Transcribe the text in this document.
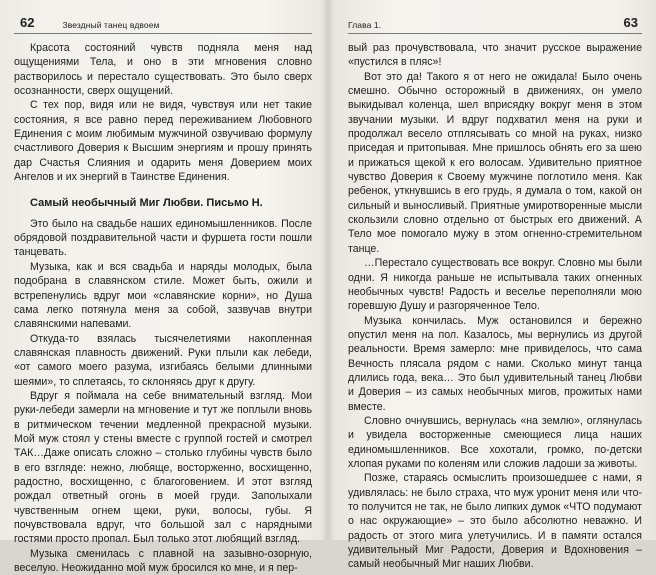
62	Звездный танец вдвоем

Красота состояний чувств подняла меня над ощущениями Тела, и оно в эти мгновения словно растворилось и перестало существовать. Это было сверх осознанности, сверх ощущений.

С тех пор, видя или не видя, чувствуя или нет такие состояния, я все равно перед переживанием Любовного Единения с моим любимым мужчиной озвучиваю формулу счастливого Доверия к Высшим энергиям и прошу принять дар Счастья Слияния и одарить меня Доверием моих Ангелов и их энергий в Таинстве Единения.

Самый необычный Миг Любви. Письмо Н.

Это было на свадьбе наших единомышленников. После обрядовой поздравительной части и фуршета гости пошли танцевать.

Музыка, как и вся свадьба и наряды молодых, была подобрана в славянском стиле. Может быть, ожили и встрепенулись вдруг мои «славянские корни», но Душа сама легко потянула меня за собой, зазвучав внутри славянскими напевами.

Откуда-то взялась тысячелетиями накопленная славянская плавность движений. Руки плыли как лебеди, «от самого моего разума, изгибаясь белыми длинными шеями», то сплетаясь, то склоняясь друг к другу.

Вдруг я поймала на себе внимательный взгляд. Мои руки-лебеди замерли на мгновение и тут же поплыли вновь в ритмическом течении медленной прекрасной музыки. Мой муж стоял у стены вместе с группой гостей и смотрел ТАК…Даже описать сложно – столько глубины чувств было в его взгляде: нежно, любяще, восторженно, восхищенно, радостно, восхищенно, с благоговением. И этот взгляд рождал ответный огонь в моей груди. Заполыхали чувственным огнем щеки, руки, волосы, губы. Я почувствовала вдруг, что большой зал с нарядными гостями просто пропал. Был только этот любящий взгляд.

Музыка сменилась с плавной на зазывно-озорную, веселую. Неожиданно мой муж бросился ко мне, и я пер-

Глава 1.	63

вый раз прочувствовала, что значит русское выражение «пустился в пляс»!

Вот это да! Такого я от него не ожидала! Было очень смешно. Обычно осторожный в движениях, он умело выкидывал коленца, шел вприсядку вокруг меня в этом звучании музыки. И вдруг подхватил меня на руки и продолжал весело отплясывать со мной на руках, низко приседая и притопывая. Мне пришлось обнять его за шею и прижаться щекой к его волосам. Удивительно приятное чувство Доверия к Своему мужчине поглотило меня. Как ребенок, уткнувшись в его грудь, я думала о том, какой он сильный и выносливый. Приятные умиротворенные мысли скользили словно отдельно от быстрых его движений. А Тело мое помогало мужу в этом огненно-стремительном танце.

…Перестало существовать все вокруг. Словно мы были одни. Я никогда раньше не испытывала таких огненных необычных чувств! Радость и веселье переполняли мою горевшую Душу и разгоряченное Тело.

Музыка кончилась. Муж остановился и бережно опустил меня на пол. Казалось, мы вернулись из другой реальности. Время замерло: мне привиделось, что сама Вечность плясала рядом с нами. Сколько минут танца длились года, века… Это был удивительный танец Любви и Доверия – из самых необычных мигов, прожитых нами вместе.

Словно очнувшись, вернулась «на землю», оглянулась и увидела восторженные смеющиеся лица наших единомышленников. Все хохотали, громко, по-детски хлопая руками по коленям или сложив ладоши за животы.

Позже, стараясь осмыслить произошедшее с нами, я удивлялась: не было страха, что муж уронит меня или что-то получится не так, не было липких думок «ЧТО подумают о нас окружающие» – это было абсолютно неважно. И радость от этого мига улетучились. И в памяти остался удивительный Миг Радости, Доверия и Вдохновения – самый необычный Миг наших Любви.
